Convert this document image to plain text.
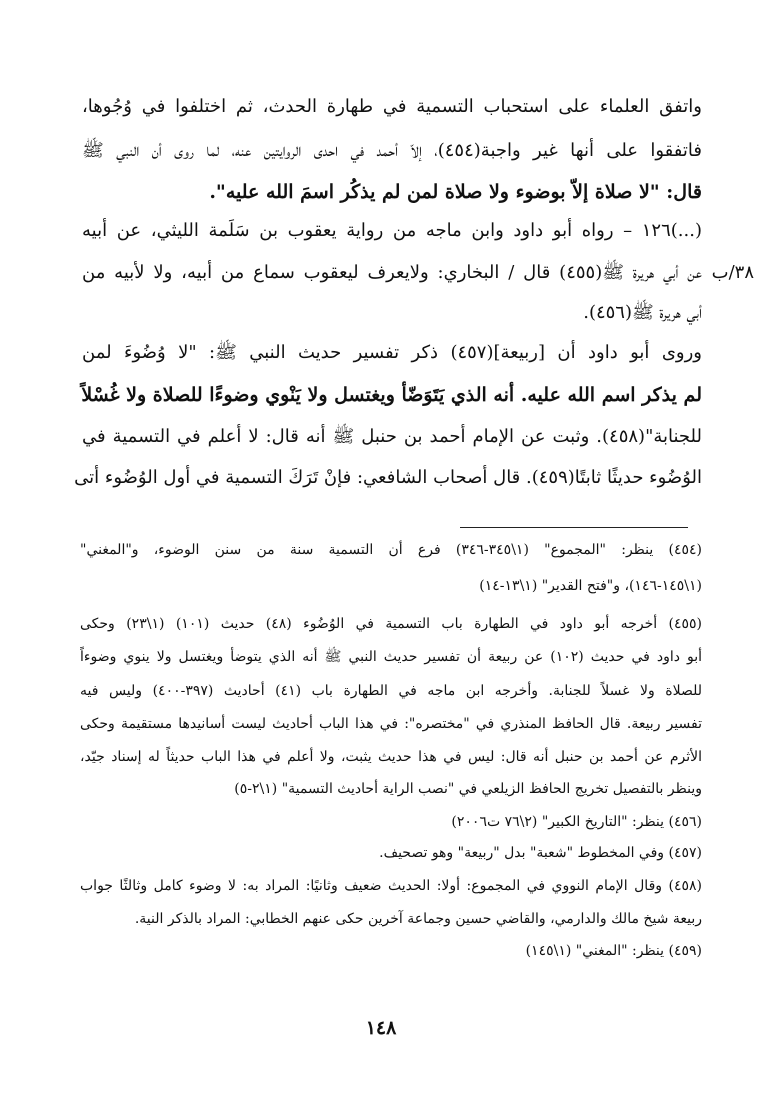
واتفق العلماء على استحباب التسمية في طهارة الحدث، ثم اختلفوا في وُجُوها،
فاتفقوا على أنها غير واجبة(٤٥٤)، إلاّ أحمد في احدى الروايتين عنه، لما روى أن النبي ﷺ
قال: "لا صلاة إلاّ بوضوء ولا صلاة لمن لم يذكُر اسمَ الله عليه".
(...)١٢٦ – رواه أبو داود وابن ماجه من رواية يعقوب بن سَلَمة الليثي، عن أبيه
عن أبي هريرة ﷺ(٤٥٥) قال / البخاري: ولايعرف ليعقوب سماع من أبيه، ولا لأبيه من
أبي هريرة ﷺ(٤٥٦).
وروى أبو داود أن [ربيعة](٤٥٧) ذكر تفسير حديث النبي ﷺ: "لا وُضُوءَ لمن
لم يذكر اسم الله عليه. أنه الذي يَتَوَضّأ ويغتسل ولا يَنْوي وضوءًا للصلاة ولا غُسْلاً
للجنابة"(٤٥٨). وثبت عن الإمام أحمد بن حنبل ﷺ أنه قال: لا أعلم في التسمية في
الوُضُوء حديثًا ثابتًا(٤٥٩). قال أصحاب الشافعي: فإنْ تَرَكَ التسمية في أول الوُضُوء أتى
٣٨/ب
(٤٥٤) ينظر: "المجموع" (١\٣٤٥-٣٤٦) فرع أن التسمية سنة من سنن الوضوء، و"المغني"
(١\١٤٥-١٤٦)، و"فتح القدير" (١\١٣-١٤)
(٤٥٥) أخرجه أبو داود في الطهارة باب التسمية في الوُضُوء (٤٨) حديث (١٠١) (١\٢٣) وحكى
أبو داود في حديث (١٠٢) عن ربيعة أن تفسير حديث النبي ﷺ أنه الذي يتوضأ ويغتسل ولا ينوي وضوءاً
للصلاة ولا غسلاً للجنابة. وأخرجه ابن ماجه في الطهارة باب (٤١) أحاديث (٣٩٧-٤٠٠) وليس فيه
تفسير ربيعة. قال الحافظ المنذري في "مختصره": في هذا الباب أحاديث ليست أسانيدها مستقيمة وحكى
الأثرم عن أحمد بن حنبل أنه قال: ليس في هذا حديث يثبت، ولا أعلم في هذا الباب حديثاً له إسناد جيّد،
وينظر بالتفصيل تخريج الحافظ الزيلعي في "نصب الراية أحاديث التسمية" (١\٢-٥)
(٤٥٦) ينظر: "التاريخ الكبير" (٢\٧٦ ت٢٠٠٦)
(٤٥٧) وفي المخطوط "شعبة" بدل "ربيعة" وهو تصحيف.
(٤٥٨) وقال الإمام النووي في المجموع: أولا: الحديث ضعيف وثانيًا: المراد به: لا وضوء كامل وثالثًا جواب
ربيعة شيخ مالك والدارمي، والقاضي حسين وجماعة آخرين حكى عنهم الخطابي: المراد بالذكر النية.
(٤٥٩) ينظر: "المغني" (١\١٤٥)
١٤٨
